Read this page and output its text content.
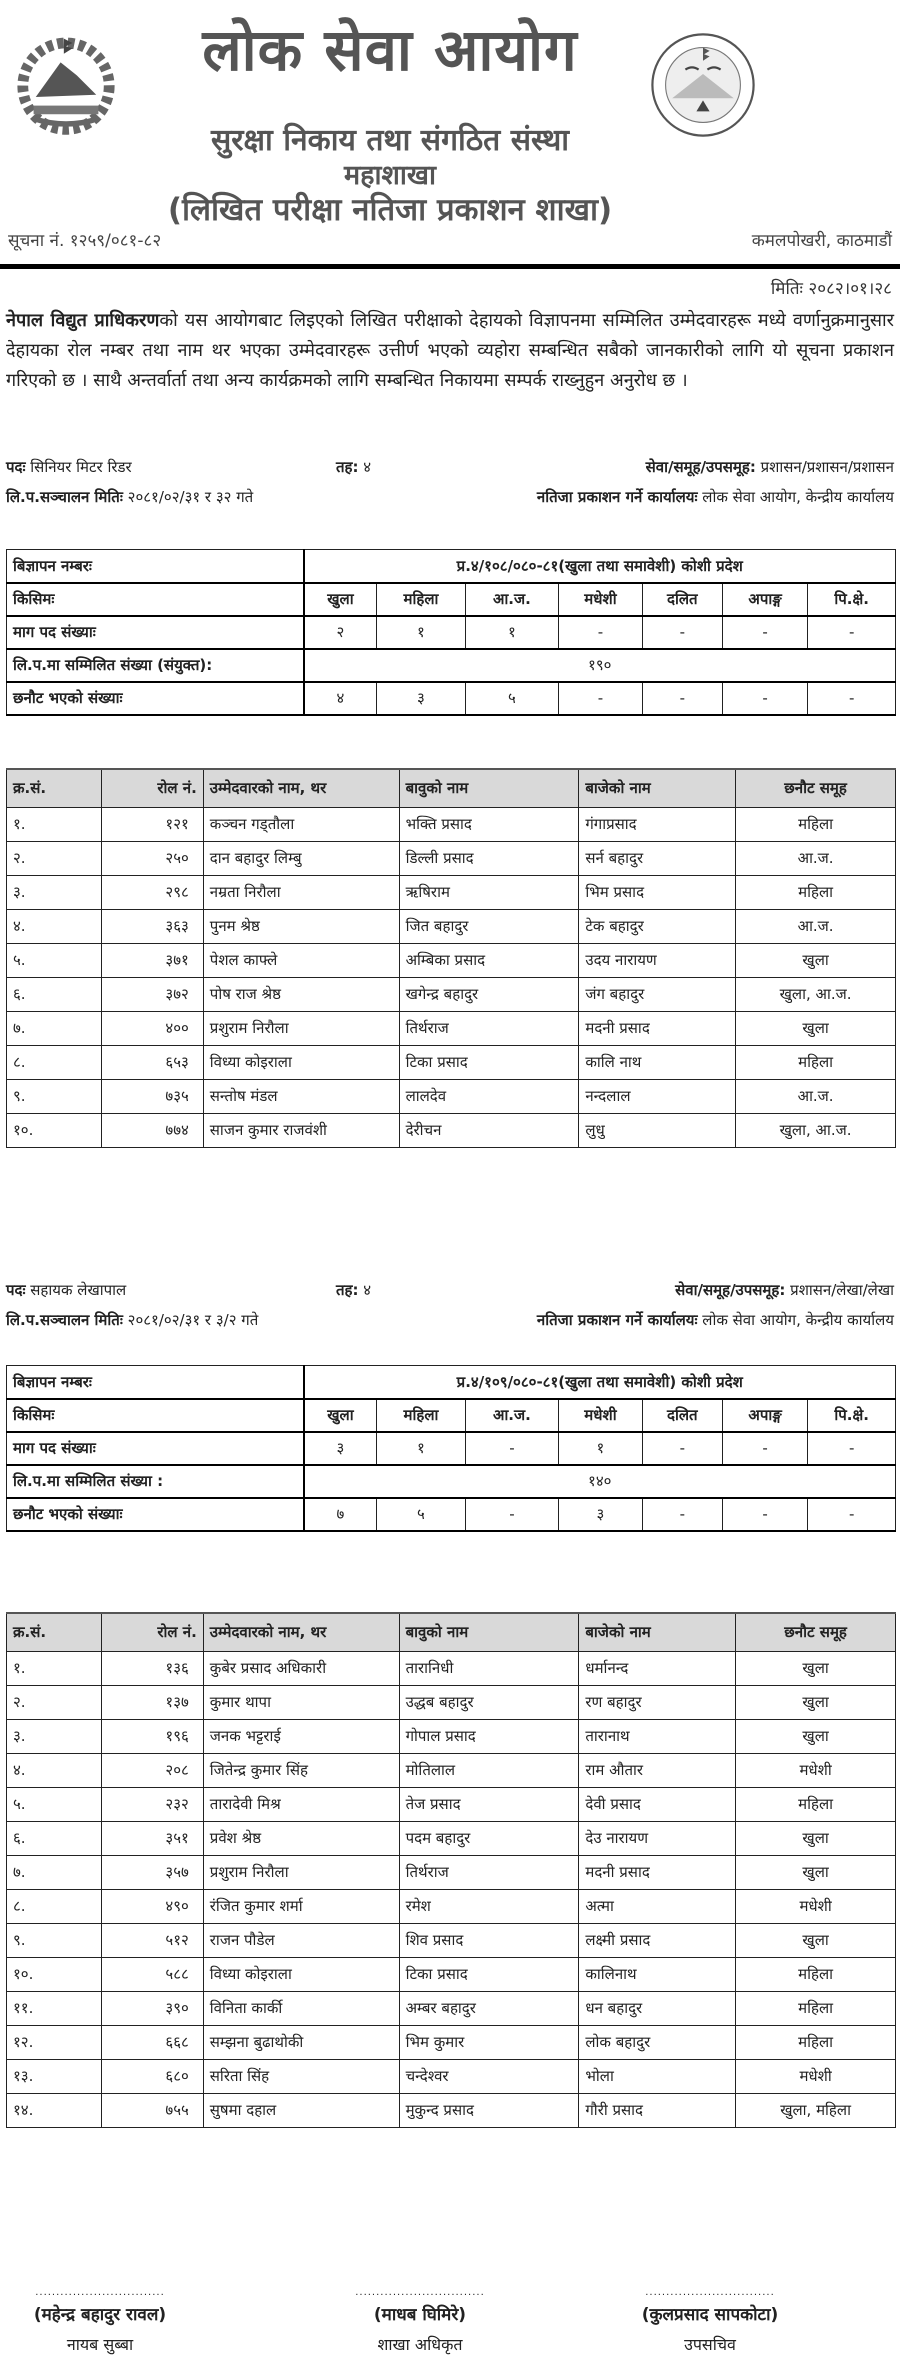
लोक सेवा आयोग
सुरक्षा निकाय तथा संगठित संस्था
महाशाखा
(लिखित परीक्षा नतिजा प्रकाशन शाखा)
सूचना नं. १२५९/०८१-८२	कमलपोखरी, काठमाडौं
मितिः २०८२।०१।२८
नेपाल विद्युत प्राधिकरणको यस आयोगबाट लिइएको लिखित परीक्षाको देहायको विज्ञापनमा सम्मिलित उम्मेदवारहरू मध्ये वर्णानुक्रमानुसार देहायका रोल नम्बर तथा नाम थर भएका उम्मेदवारहरू उत्तीर्ण भएको व्यहोरा सम्बन्धित सबैको जानकारीको लागि यो सूचना प्रकाशन गरिएको छ । साथै अन्तर्वार्ता तथा अन्य कार्यक्रमको लागि सम्बन्धित निकायमा सम्पर्क राख्नुहुन अनुरोध छ ।
पदः सिनियर मिटर रिडर	तह: ४	सेवा/समूह/उपसमूह: प्रशासन/प्रशासन/प्रशासन
लि.प.सञ्चालन मितिः २०८१/०२/३१ र ३२ गते	नतिजा प्रकाशन गर्ने कार्यालयः लोक सेवा आयोग, केन्द्रीय कार्यालय
बिज्ञापन नम्बरः	प्र.४/१०८/०८०-८१(खुला तथा समावेशी) कोशी प्रदेश						
किसिमः	खुला	महिला	आ.ज.	मधेशी	दलित	अपाङ्ग	पि.क्षे.
माग पद संख्याः	२	१	१	-	-	-	-
लि.प.मा सम्मिलित संख्या (संयुक्त):	१९०						
छनौट भएको संख्याः	४	३	५	-	-	-	-
क्र.सं.	रोल नं.	उम्मेदवारको नाम, थर	बावुको नाम	बाजेको नाम	छनौट समूह
१.	१२१	कञ्चन गड्तौला	भक्ति प्रसाद	गंगाप्रसाद	महिला
२.	२५०	दान बहादुर लिम्बु	डिल्ली प्रसाद	सर्न बहादुर	आ.ज.
३.	२९८	नम्रता निरौला	ऋषिराम	भिम प्रसाद	महिला
४.	३६३	पुनम श्रेष्ठ	जित बहादुर	टेक बहादुर	आ.ज.
५.	३७१	पेशल काफ्ले	अम्बिका प्रसाद	उदय नारायण	खुला
६.	३७२	पोष राज श्रेष्ठ	खगेन्द्र बहादुर	जंग बहादुर	खुला, आ.ज.
७.	४००	प्रशुराम निरौला	तिर्थराज	मदनी प्रसाद	खुला
८.	६५३	विध्या कोइराला	टिका प्रसाद	कालि नाथ	महिला
९.	७३५	सन्तोष मंडल	लालदेव	नन्दलाल	आ.ज.
१०.	७७४	साजन कुमार राजवंशी	देरीचन	लुधु	खुला, आ.ज.
पदः सहायक लेखापाल	तह: ४	सेवा/समूह/उपसमूह: प्रशासन/लेखा/लेखा
लि.प.सञ्चालन मितिः २०८१/०२/३१ र ३/२ गते	नतिजा प्रकाशन गर्ने कार्यालयः लोक सेवा आयोग, केन्द्रीय कार्यालय
बिज्ञापन नम्बरः	प्र.४/१०९/०८०-८१(खुला तथा समावेशी) कोशी प्रदेश						
किसिमः	खुला	महिला	आ.ज.	मधेशी	दलित	अपाङ्ग	पि.क्षे.
माग पद संख्याः	३	१	-	१	-	-	-
लि.प.मा सम्मिलित संख्या :	१४०						
छनौट भएको संख्याः	७	५	-	३	-	-	-
क्र.सं.	रोल नं.	उम्मेदवारको नाम, थर	बावुको नाम	बाजेको नाम	छनौट समूह
१.	१३६	कुबेर प्रसाद अधिकारी	तारानिधी	धर्मानन्द	खुला
२.	१३७	कुमार थापा	उद्धब बहादुर	रण बहादुर	खुला
३.	१९६	जनक भट्टराई	गोपाल प्रसाद	तारानाथ	खुला
४.	२०८	जितेन्द्र कुमार सिंह	मोतिलाल	राम औतार	मधेशी
५.	२३२	तारादेवी मिश्र	तेज प्रसाद	देवी प्रसाद	महिला
६.	३५१	प्रवेश श्रेष्ठ	पदम बहादुर	देउ नारायण	खुला
७.	३५७	प्रशुराम निरौला	तिर्थराज	मदनी प्रसाद	खुला
८.	४९०	रंजित कुमार शर्मा	रमेश	अत्मा	मधेशी
९.	५१२	राजन पौडेल	शिव प्रसाद	लक्ष्मी प्रसाद	खुला
१०.	५८८	विध्या कोइराला	टिका प्रसाद	कालिनाथ	महिला
११.	३९०	विनिता कार्की	अम्बर बहादुर	धन बहादुर	महिला
१२.	६६८	सम्झना बुढाथोकी	भिम कुमार	लोक बहादुर	महिला
१३.	६८०	सरिता सिंह	चन्देश्वर	भोला	मधेशी
१४.	७५५	सुषमा दहाल	मुकुन्द प्रसाद	गौरी प्रसाद	खुला, महिला
...............................
(महेन्द्र बहादुर रावल)
नायब सुब्बा
...............................
(माधब घिमिरे)
शाखा अधिकृत
...............................
(कुलप्रसाद सापकोटा)
उपसचिव
